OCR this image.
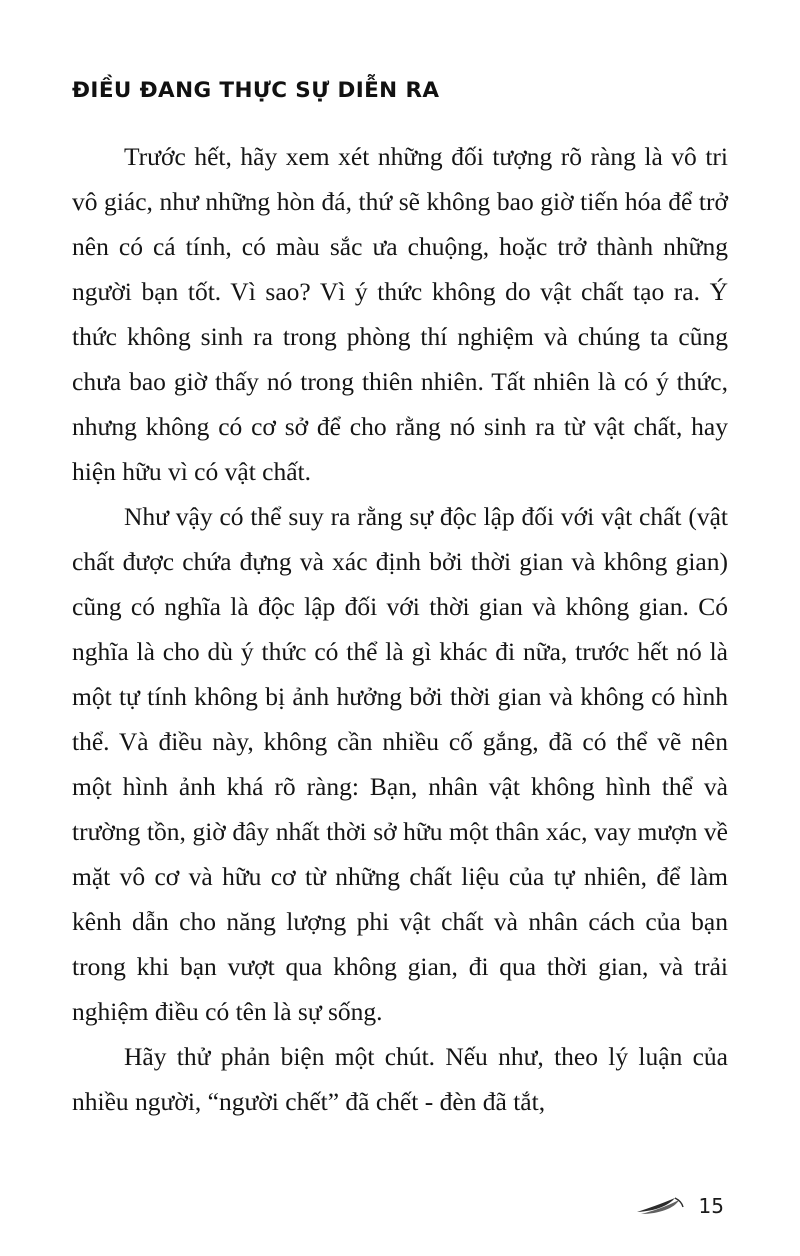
ĐIỀU ĐANG THỰC SỰ DIỄN RA

Trước hết, hãy xem xét những đối tượng rõ ràng là vô tri vô giác, như những hòn đá, thứ sẽ không bao giờ tiến hóa để trở nên có cá tính, có màu sắc ưa chuộng, hoặc trở thành những người bạn tốt. Vì sao? Vì ý thức không do vật chất tạo ra. Ý thức không sinh ra trong phòng thí nghiệm và chúng ta cũng chưa bao giờ thấy nó trong thiên nhiên. Tất nhiên là có ý thức, nhưng không có cơ sở để cho rằng nó sinh ra từ vật chất, hay hiện hữu vì có vật chất.

Như vậy có thể suy ra rằng sự độc lập đối với vật chất (vật chất được chứa đựng và xác định bởi thời gian và không gian) cũng có nghĩa là độc lập đối với thời gian và không gian. Có nghĩa là cho dù ý thức có thể là gì khác đi nữa, trước hết nó là một tự tính không bị ảnh hưởng bởi thời gian và không có hình thể. Và điều này, không cần nhiều cố gắng, đã có thể vẽ nên một hình ảnh khá rõ ràng: Bạn, nhân vật không hình thể và trường tồn, giờ đây nhất thời sở hữu một thân xác, vay mượn về mặt vô cơ và hữu cơ từ những chất liệu của tự nhiên, để làm kênh dẫn cho năng lượng phi vật chất và nhân cách của bạn trong khi bạn vượt qua không gian, đi qua thời gian, và trải nghiệm điều có tên là sự sống.

Hãy thử phản biện một chút. Nếu như, theo lý luận của nhiều người, “người chết” đã chết - đèn đã tắt,

15
